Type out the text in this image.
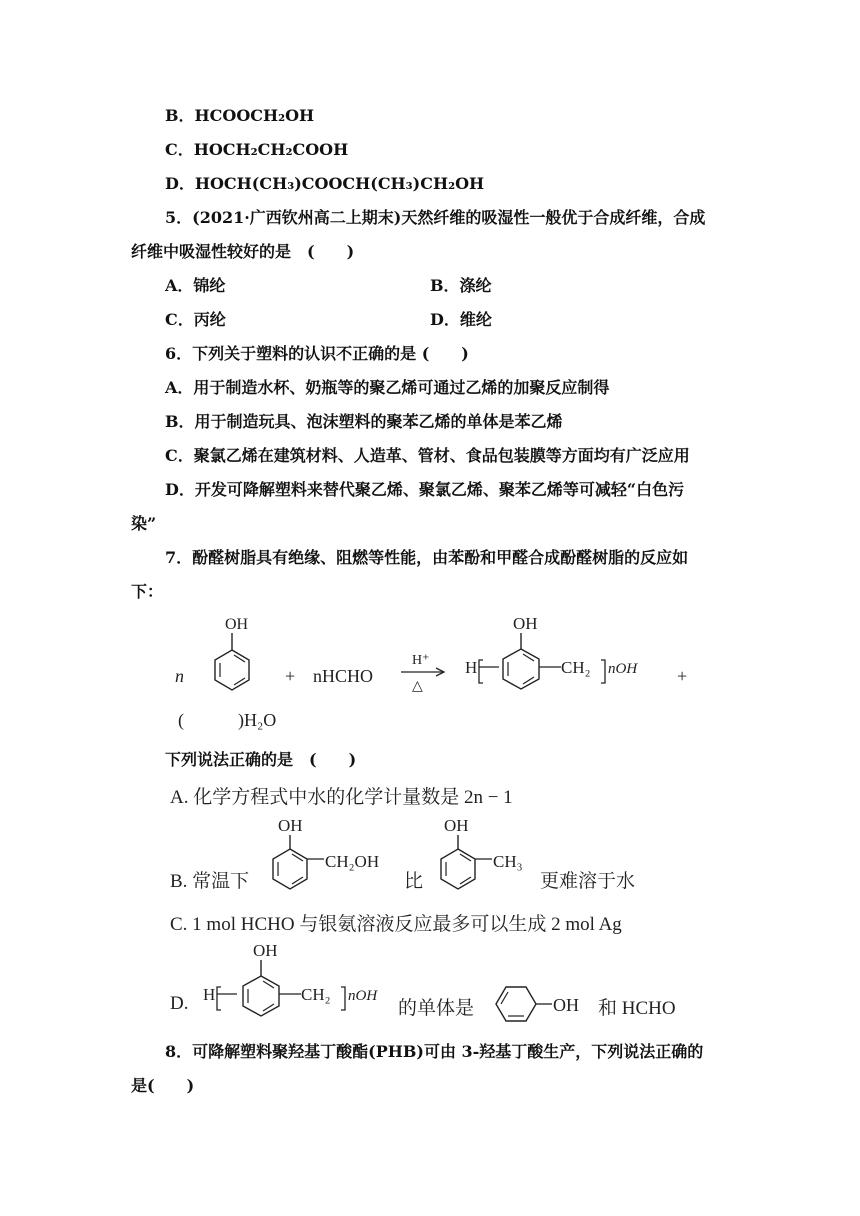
B．HCOOCH₂OH
C．HOCH₂CH₂COOH
D．HOCH(CH₃)COOCH(CH₃)CH₂OH
5．(2021·广西钦州高二上期末)天然纤维的吸湿性一般优于合成纤维，合成
纤维中吸湿性较好的是　(　　)
A．锦纶	B．涤纶
C．丙纶	D．维纶
6．下列关于塑料的认识不正确的是 (　　)
A．用于制造水杯、奶瓶等的聚乙烯可通过乙烯的加聚反应制得
B．用于制造玩具、泡沫塑料的聚苯乙烯的单体是苯乙烯
C．聚氯乙烯在建筑材料、人造革、管材、食品包装膜等方面均有广泛应用
D．开发可降解塑料来替代聚乙烯、聚氯乙烯、聚苯乙烯等可减轻“白色污
染”
7．酚醛树脂具有绝缘、阻燃等性能，由苯酚和甲醛合成酚醛树脂的反应如
下：
n
OH
+ nHCHO
H⁺
△
H
OH
CH₂ nOH +
(　　　)H₂O
下列说法正确的是　(　　)
A. 化学方程式中水的化学计量数是 2n − 1
B. 常温下
OH
CH₂OH
比
OH
CH₃
更难溶于水
C. 1 mol HCHO 与银氨溶液反应最多可以生成 2 mol Ag
D. H
OH
CH₂ nOH
的单体是	OH 和 HCHO
8．可降解塑料聚羟基丁酸酯(PHB)可由 3-羟基丁酸生产，下列说法正确的
是(　　)
